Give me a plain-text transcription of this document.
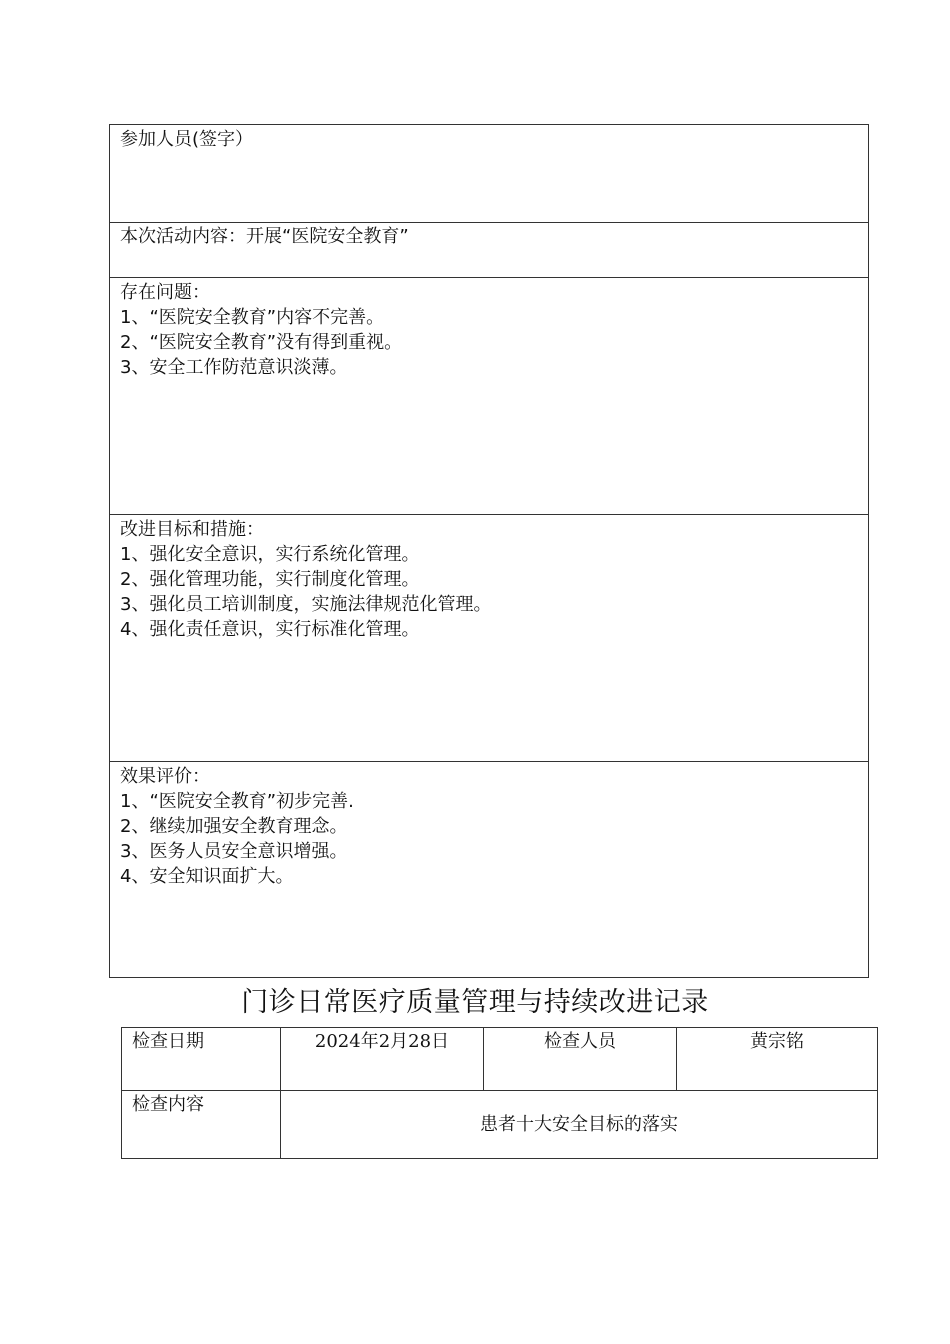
参加人员(签字）

本次活动内容：开展“医院安全教育”

存在问题：
1、“医院安全教育”内容不完善。
2、“医院安全教育”没有得到重视。
3、安全工作防范意识淡薄。

改进目标和措施：
1、强化安全意识，实行系统化管理。
2、强化管理功能，实行制度化管理。
3、强化员工培训制度，实施法律规范化管理。
4、强化责任意识，实行标准化管理。

效果评价：
1、“医院安全教育”初步完善.
2、继续加强安全教育理念。
3、医务人员安全意识增强。
4、安全知识面扩大。
门诊日常医疗质量管理与持续改进记录
检查日期	2024年2月28日	检查人员	黄宗铭
检查内容	患者十大安全目标的落实		
